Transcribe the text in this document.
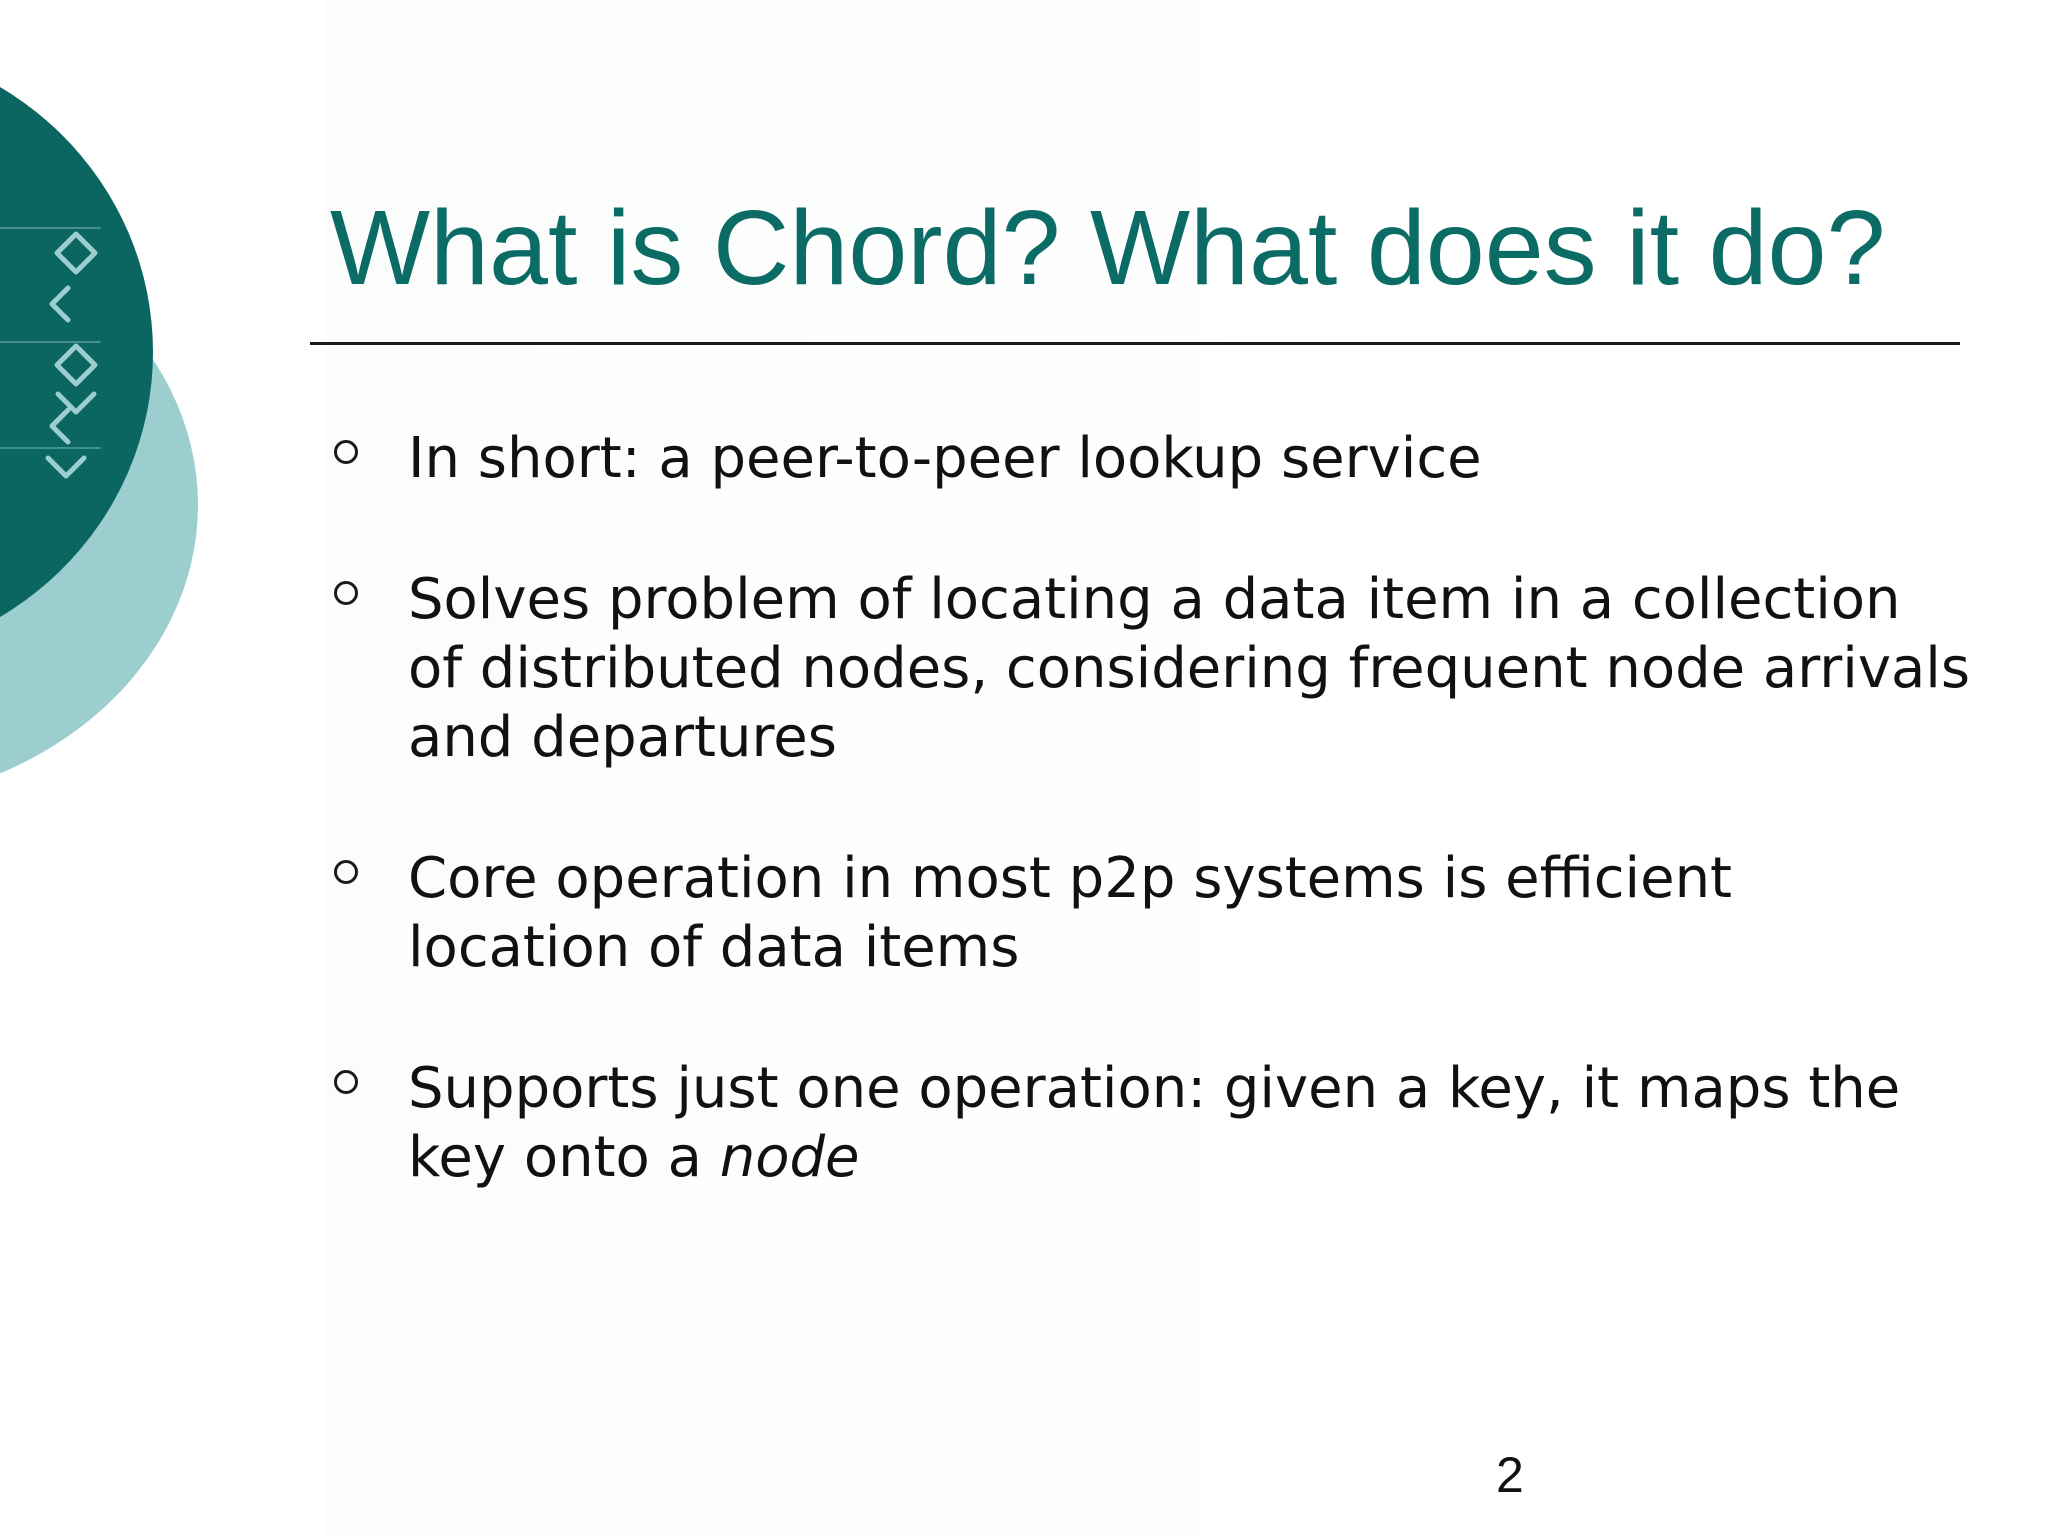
What is Chord? What does it do?
In short: a peer-to-peer lookup service
Solves problem of locating a data item in a collection of distributed nodes, considering frequent node arrivals and departures
Core operation in most p2p systems is efficient location of data items
Supports just one operation: given a key, it maps the key onto a node
2
